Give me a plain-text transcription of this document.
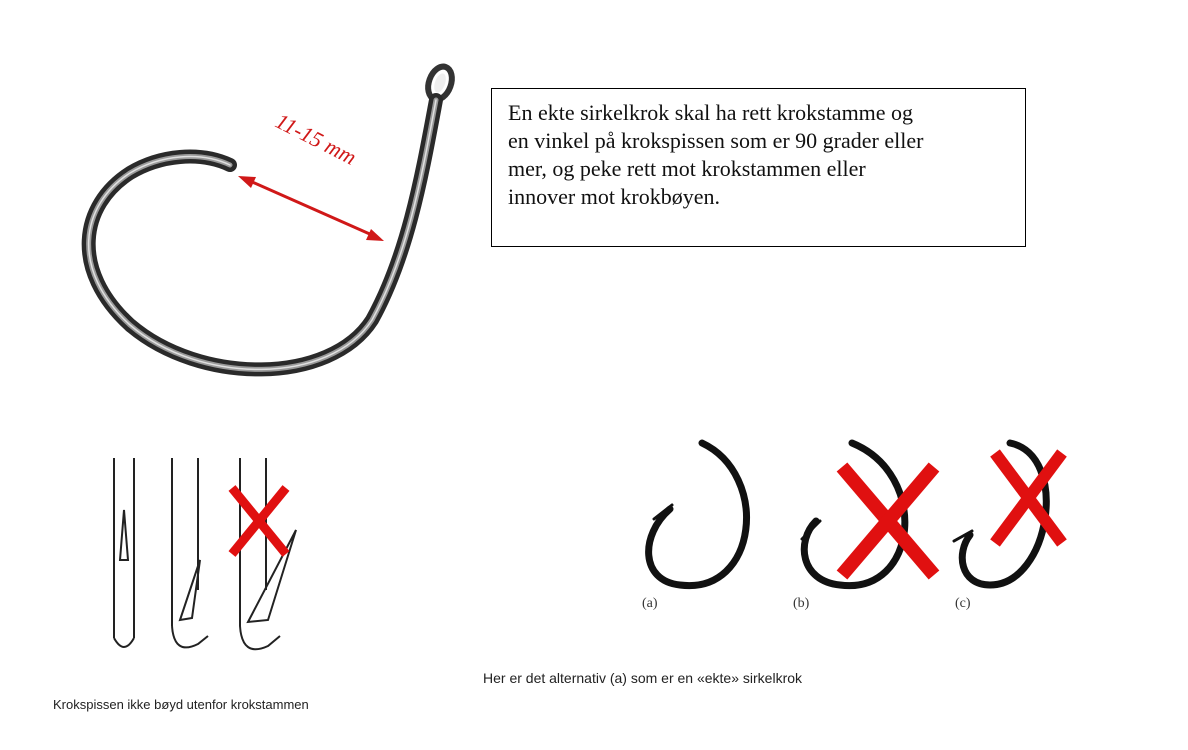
11-15 mm	En ekte sirkelkrok skal ha rett krokstamme og
en vinkel på krokspissen som er 90 grader eller
mer, og peke rett mot krokstammen eller
innover mot krokbøyen.
Krokspissen ikke bøyd utenfor krokstammen
(a)	(b)	(c)
Her er det alternativ (a) som er en «ekte» sirkelkrok
